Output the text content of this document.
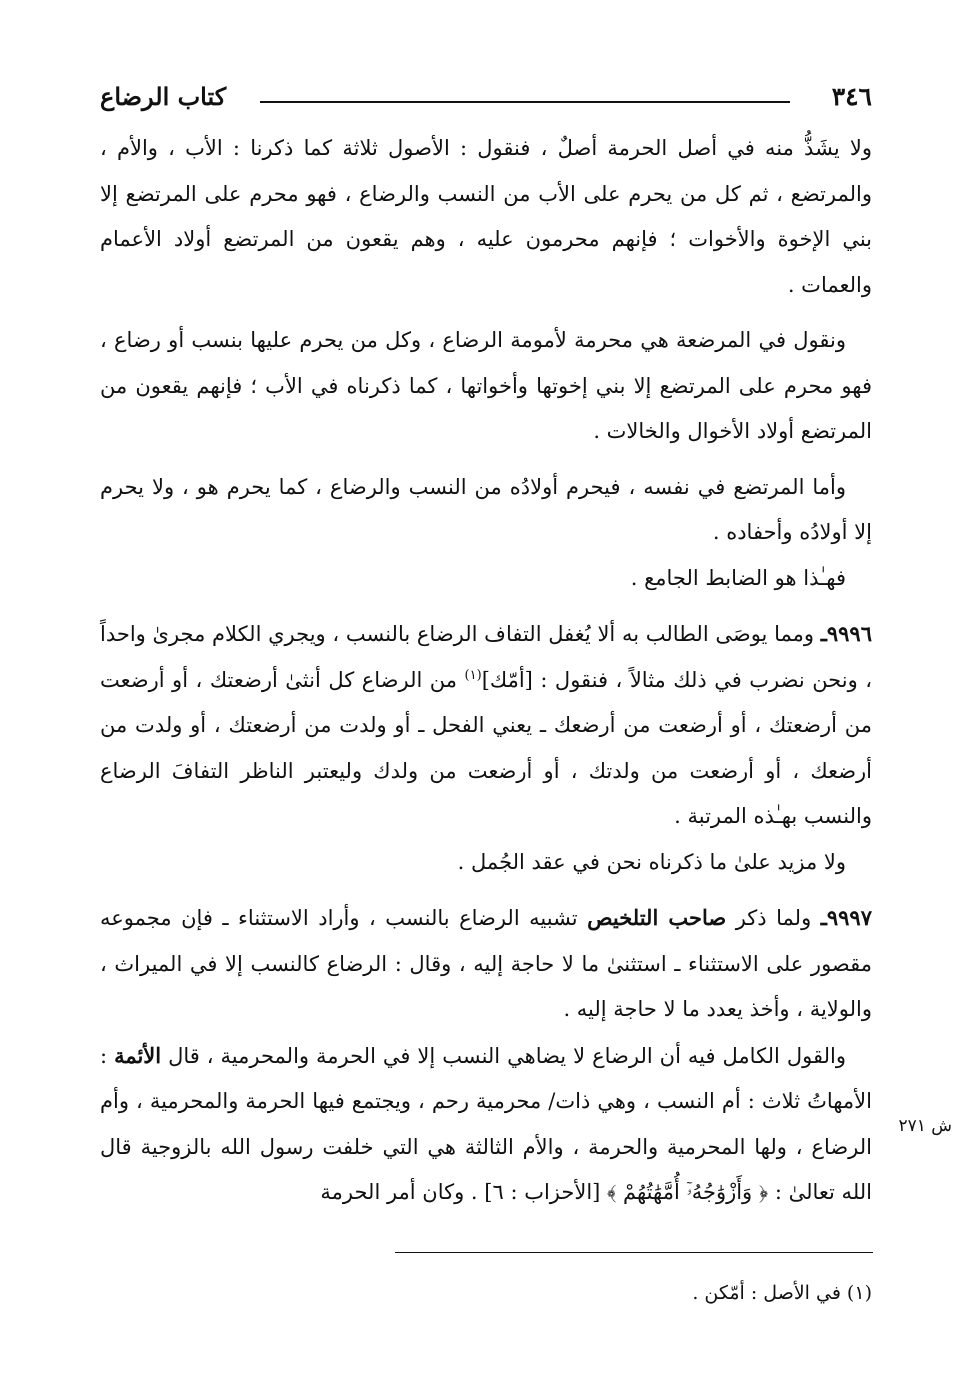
٣٤٦
كتاب الرضاع

ولا يشَذُّ منه في أصل الحرمة أصلٌ ، فنقول : الأصول ثلاثة كما ذكرنا : الأب ، والأم ، والمرتضع ، ثم كل من يحرم على الأب من النسب والرضاع ، فهو محرم على المرتضع إلا بني الإخوة والأخوات ؛ فإنهم محرمون عليه ، وهم يقعون من المرتضع أولاد الأعمام والعمات .

ونقول في المرضعة هي محرمة لأمومة الرضاع ، وكل من يحرم عليها بنسب أو رضاع ، فهو محرم على المرتضع إلا بني إخوتها وأخواتها ، كما ذكرناه في الأب ؛ فإنهم يقعون من المرتضع أولاد الأخوال والخالات .

وأما المرتضع في نفسه ، فيحرم أولادُه من النسب والرضاع ، كما يحرم هو ، ولا يحرم إلا أولادُه وأحفاده .

فهـٰذا هو الضابط الجامع .

٩٩٩٦ـ ومما يوصَى الطالب به ألا يُغفل التفاف الرضاع بالنسب ، ويجري الكلام مجرىٰ واحداً ، ونحن نضرب في ذلك مثالاً ، فنقول : [أمّك]$^{(١)}$ من الرضاع كل أنثىٰ أرضعتك ، أو أرضعت من أرضعتك ، أو أرضعت من أرضعك ـ يعني الفحل ـ أو ولدت من أرضعتك ، أو ولدت من أرضعك ، أو أرضعت من ولدتك ، أو أرضعت من ولدك وليعتبر الناظر التفافَ الرضاع والنسب بهـٰذه المرتبة .

ولا مزيد علىٰ ما ذكرناه نحن في عقد الجُمل .

٩٩٩٧ـ ولما ذكر صاحب التلخيص تشبيه الرضاع بالنسب ، وأراد الاستثناء ـ فإن مجموعه مقصور على الاستثناء ـ استثنىٰ ما لا حاجة إليه ، وقال : الرضاع كالنسب إلا في الميراث ، والولاية ، وأخذ يعدد ما لا حاجة إليه .

والقول الكامل فيه أن الرضاع لا يضاهي النسب إلا في الحرمة والمحرمية ، قال الأئمة : الأمهاتُ ثلاث : أم النسب ، وهي ذات/ محرمية رحم ، ويجتمع فيها الحرمة والمحرمية ، وأم الرضاع ، ولها المحرمية والحرمة ، والأم الثالثة هي التي خلفت رسول الله بالزوجية قال الله تعالىٰ : ﴿ وَأَزْوَٰجُهُۥٓ أُمَّهَٰتُهُمْ ﴾ [الأحزاب : ٦] . وكان أمر الحرمة

ش ٢٧١
(١) في الأصل : أمّكن .
